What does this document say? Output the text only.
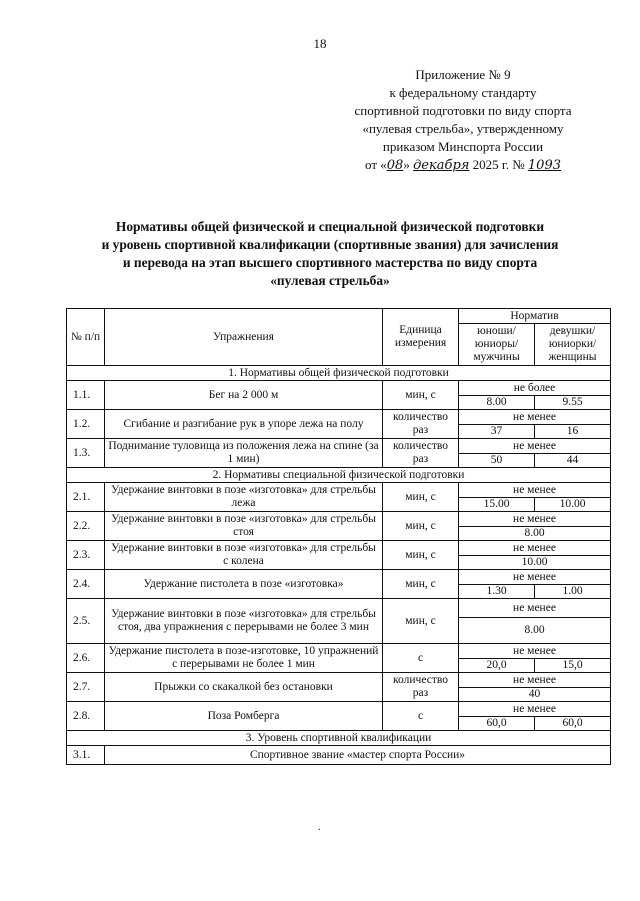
18
Приложение № 9
к федеральному стандарту
спортивной подготовки по виду спорта
«пулевая стрельба», утвержденному
приказом Минспорта России
от «08» декабря 2025 г. № 1093
Нормативы общей физической и специальной физической подготовки
и уровень спортивной квалификации (спортивные звания) для зачисления
и перевода на этап высшего спортивного мастерства по виду спорта
«пулевая стрельба»
№ п/п	Упражнения	Единица измерения	Норматив	
			юноши/ юниоры/ мужчины	девушки/ юниорки/ женщины
1. Нормативы общей физической подготовки				
1.1.	Бег на 2 000 м	мин, с	не более	
			8.00	9.55
1.2.	Сгибание и разгибание рук в упоре лежа на полу	количество раз	не менее	
			37	16
1.3.	Поднимание туловища из положения лежа на спине (за 1 мин)	количество раз	не менее	
			50	44
2. Нормативы специальной физической подготовки				
2.1.	Удержание винтовки в позе «изготовка» для стрельбы лежа	мин, с	не менее	
			15.00	10.00
2.2.	Удержание винтовки в позе «изготовка» для стрельбы стоя	мин, с	не менее	
			8.00	
2.3.	Удержание винтовки в позе «изготовка» для стрельбы с колена	мин, с	не менее	
			10.00	
2.4.	Удержание пистолета в позе «изготовка»	мин, с	не менее	
			1.30	1.00
2.5.	Удержание винтовки в позе «изготовка» для стрельбы стоя, два упражнения с перерывами не более 3 мин	мин, с	не менее	
			8.00	
2.6.	Удержание пистолета в позе-изготовке, 10 упражнений с перерывами не более 1 мин	с	не менее	
			20,0	15,0
2.7.	Прыжки со скакалкой без остановки	количество раз	не менее	
			40	
2.8.	Поза Ромберга	с	не менее	
			60,0	60,0
3. Уровень спортивной квалификации				
3.1.	Спортивное звание «мастер спорта России»			
.
